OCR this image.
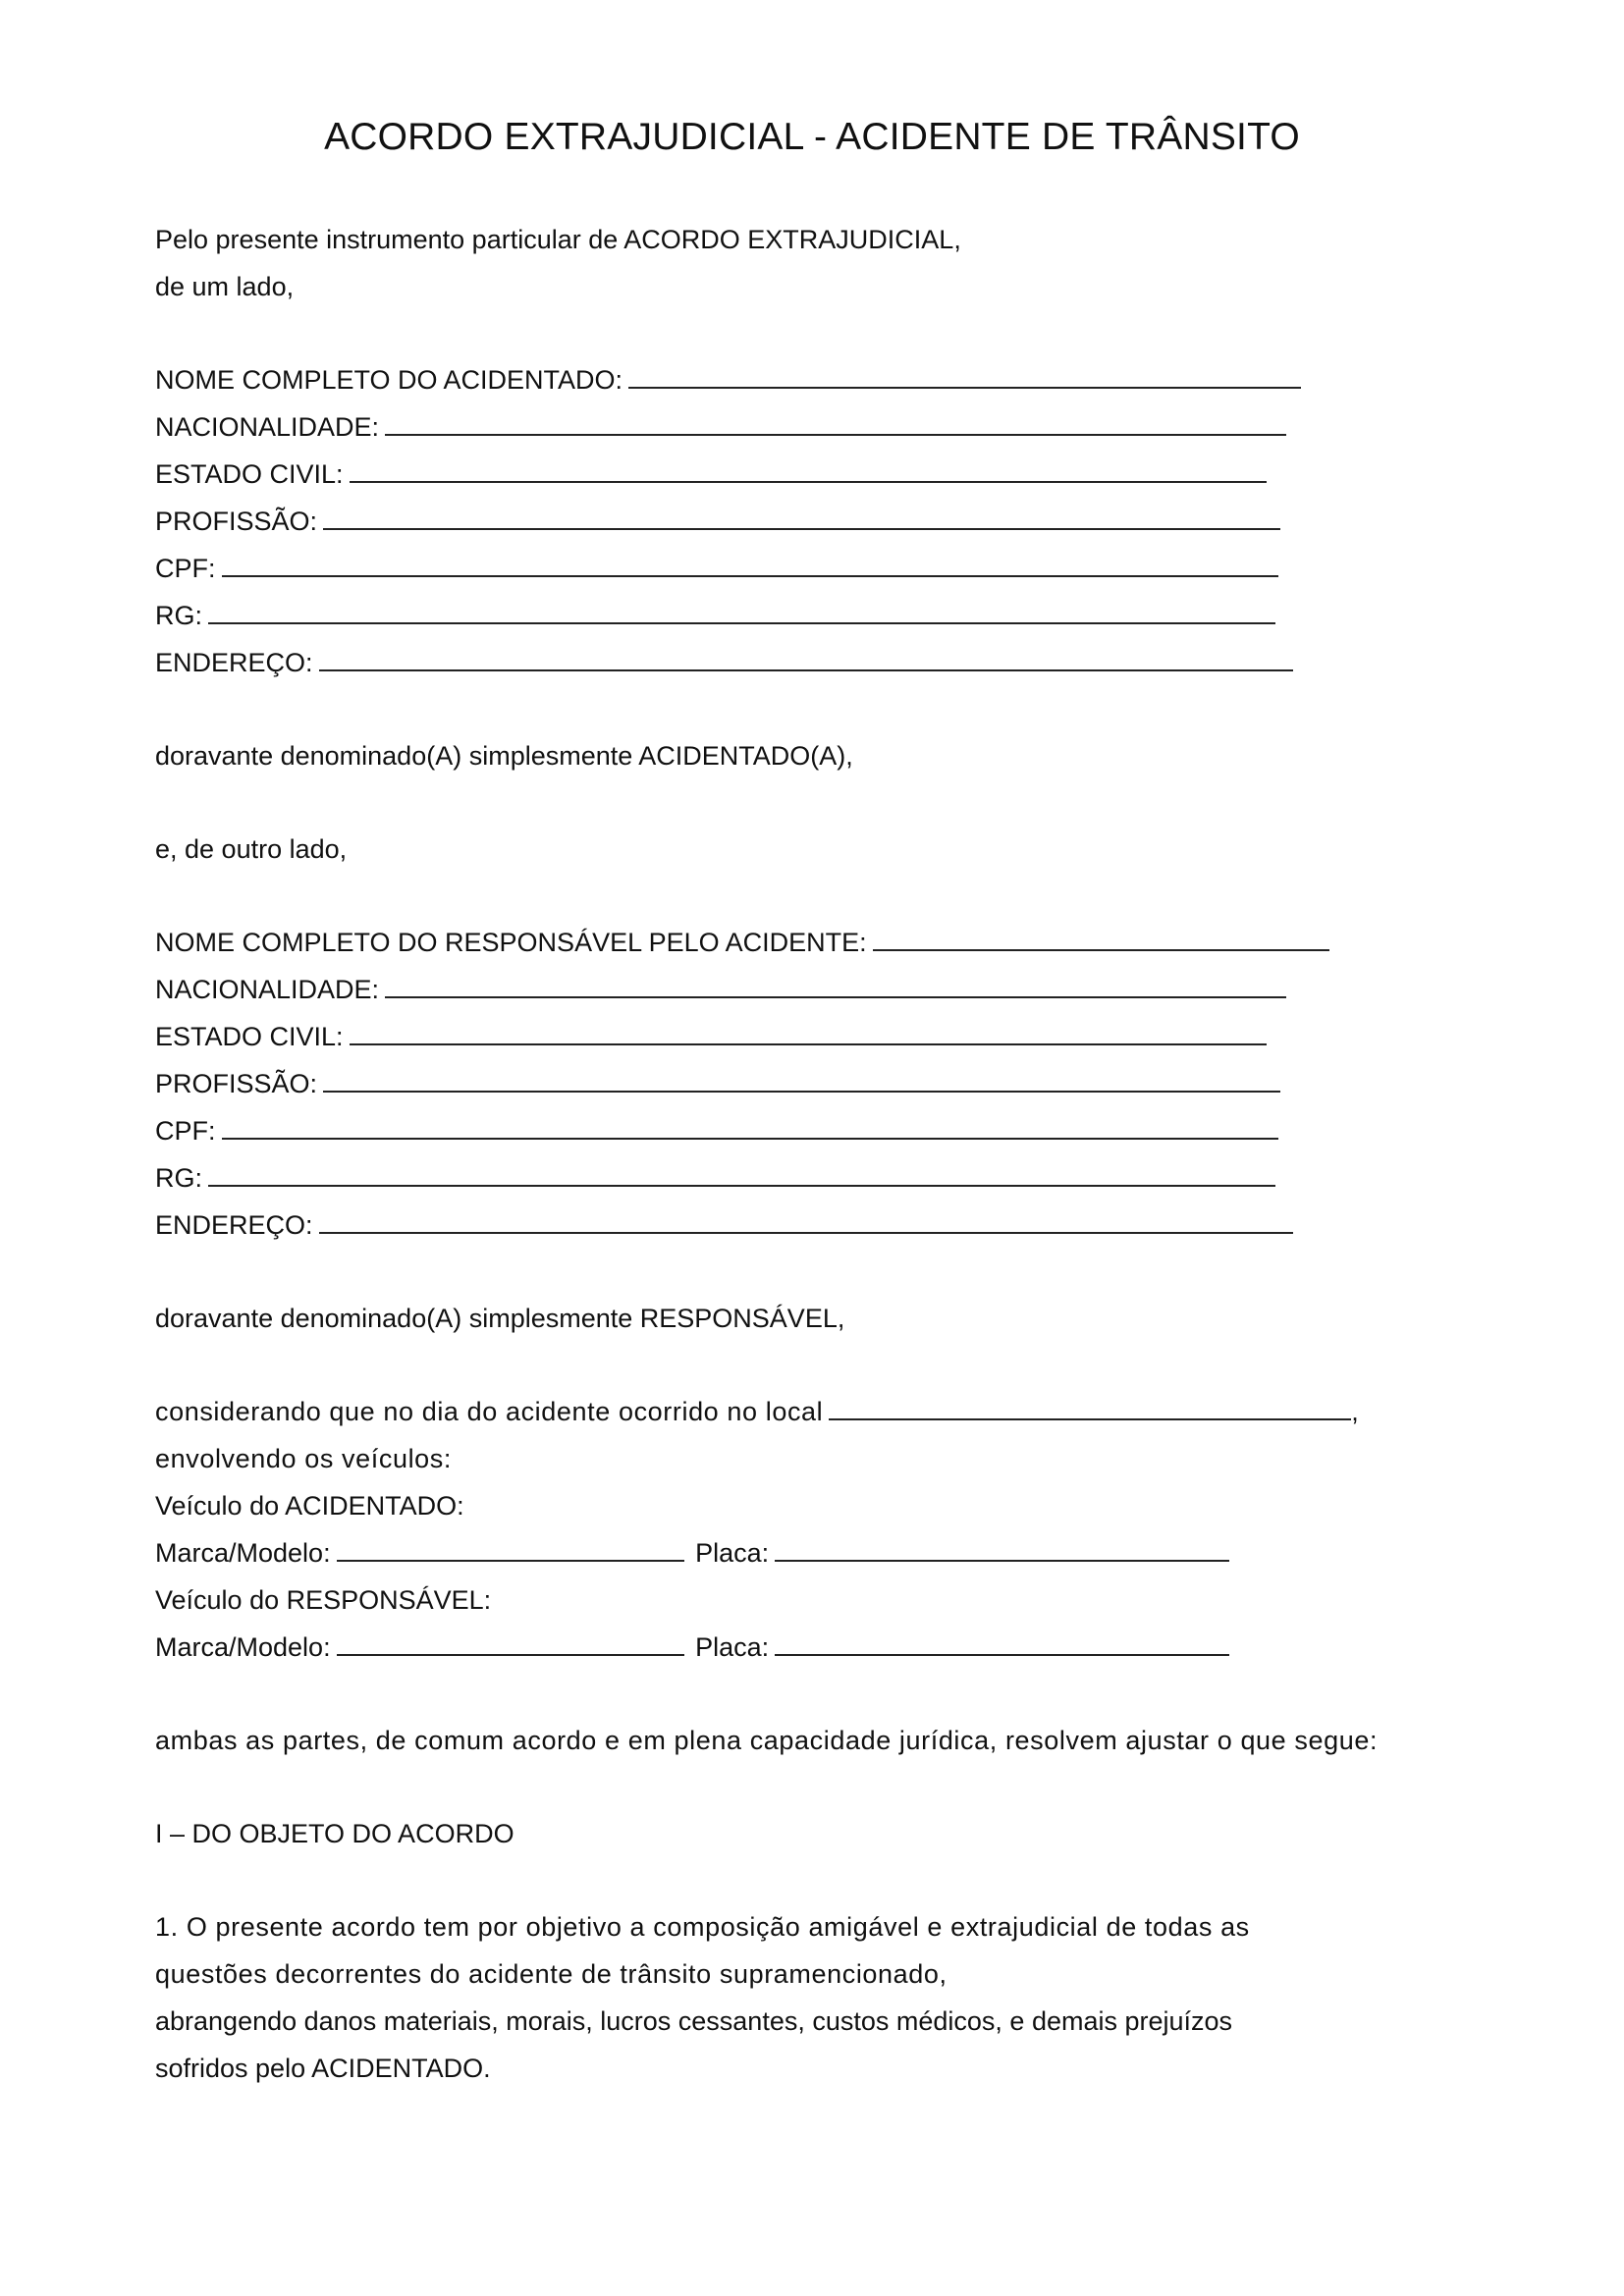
ACORDO EXTRAJUDICIAL - ACIDENTE DE TRÂNSITO
Pelo presente instrumento particular de ACORDO EXTRAJUDICIAL,
de um lado,
NOME COMPLETO DO ACIDENTADO:
NACIONALIDADE:
ESTADO CIVIL:
PROFISSÃO:
CPF:
RG:
ENDEREÇO:
doravante denominado(A) simplesmente ACIDENTADO(A),
e, de outro lado,
NOME COMPLETO DO RESPONSÁVEL PELO ACIDENTE:
NACIONALIDADE:
ESTADO CIVIL:
PROFISSÃO:
CPF:
RG:
ENDEREÇO:
doravante denominado(A) simplesmente RESPONSÁVEL,
considerando que no dia do acidente ocorrido no local	,
envolvendo os veículos:
Veículo do ACIDENTADO:
Marca/Modelo:	Placa:
Veículo do RESPONSÁVEL:
Marca/Modelo:	Placa:
ambas as partes, de comum acordo e em plena capacidade jurídica, resolvem ajustar o que segue:
I – DO OBJETO DO ACORDO
1. O presente acordo tem por objetivo a composição amigável e extrajudicial de todas as
questões decorrentes do acidente de trânsito supramencionado,
abrangendo danos materiais, morais, lucros cessantes, custos médicos, e demais prejuízos
sofridos pelo ACIDENTADO.
